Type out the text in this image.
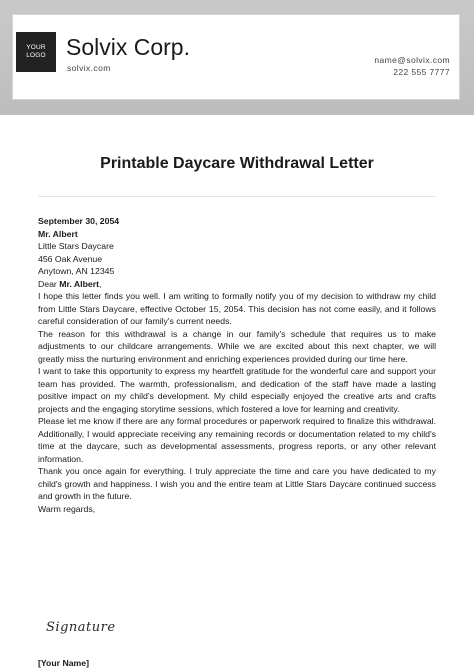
YOUR
LOGO Solvix Corp.
solvix.com
name@solvix.com
222 555 7777
Printable Daycare Withdrawal Letter
September 30, 2054
Mr. Albert
Little Stars Daycare
456 Oak Avenue
Anytown, AN 12345
Dear Mr. Albert,

I hope this letter finds you well. I am writing to formally notify you of my decision to withdraw my child from Little Stars Daycare, effective October 15, 2054. This decision has not come easily, and it follows careful consideration of our family's current needs.

The reason for this withdrawal is a change in our family's schedule that requires us to make adjustments to our childcare arrangements. While we are excited about this next chapter, we will greatly miss the nurturing environment and enriching experiences provided during our time here.

I want to take this opportunity to express my heartfelt gratitude for the wonderful care and support your team has provided. The warmth, professionalism, and dedication of the staff have made a lasting positive impact on my child's development. My child especially enjoyed the creative arts and crafts projects and the engaging storytime sessions, which fostered a love for learning and creativity.

Please let me know if there are any formal procedures or paperwork required to finalize this withdrawal. Additionally, I would appreciate receiving any remaining records or documentation related to my child's time at the daycare, such as developmental assessments, progress reports, or any other relevant information.

Thank you once again for everything. I truly appreciate the time and care you have dedicated to my child's growth and happiness. I wish you and the entire team at Little Stars Daycare continued success and growth in the future.

Warm regards,
Signature
[Your Name]
